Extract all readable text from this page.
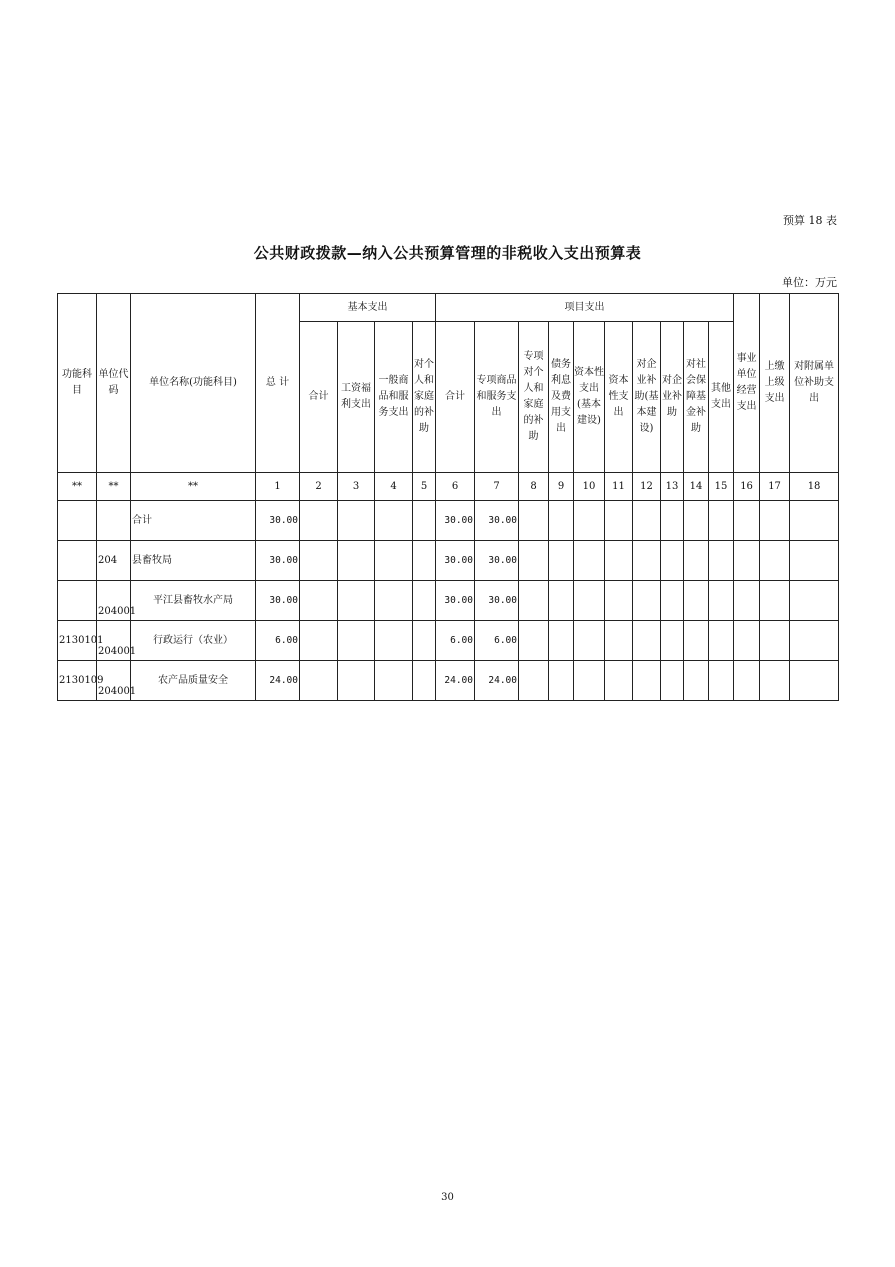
预算 18 表
公共财政拨款—纳入公共预算管理的非税收入支出预算表
单位：万元
功能科目	单位代码	单位名称(功能科目)	总 计	基本支出				项目支出										事业单位经营支出	上缴上级支出	对附属单位补助支出
				合计	工资福利支出	一般商品和服务支出	对个人和家庭的补助	合计	专项商品和服务支出	专项对个人和家庭的补助	债务利息及费用支出	资本性支出(基本建设)	资本性支出	对企业补助(基本建设)	对企业补助	对社会保障基金补助	其他支出			
**	**	**	1	2	3	4	5	6	7	8	9	10	11	12	13	14	15	16	17	18
		合计	30.00					30.00	30.00											
	204	县畜牧局	30.00					30.00	30.00											
	204001	平江县畜牧水产局	30.00					30.00	30.00											
2130101	204001	行政运行（农业）	6.00					6.00	6.00											
2130109	204001	农产品质量安全	24.00					24.00	24.00											
30
